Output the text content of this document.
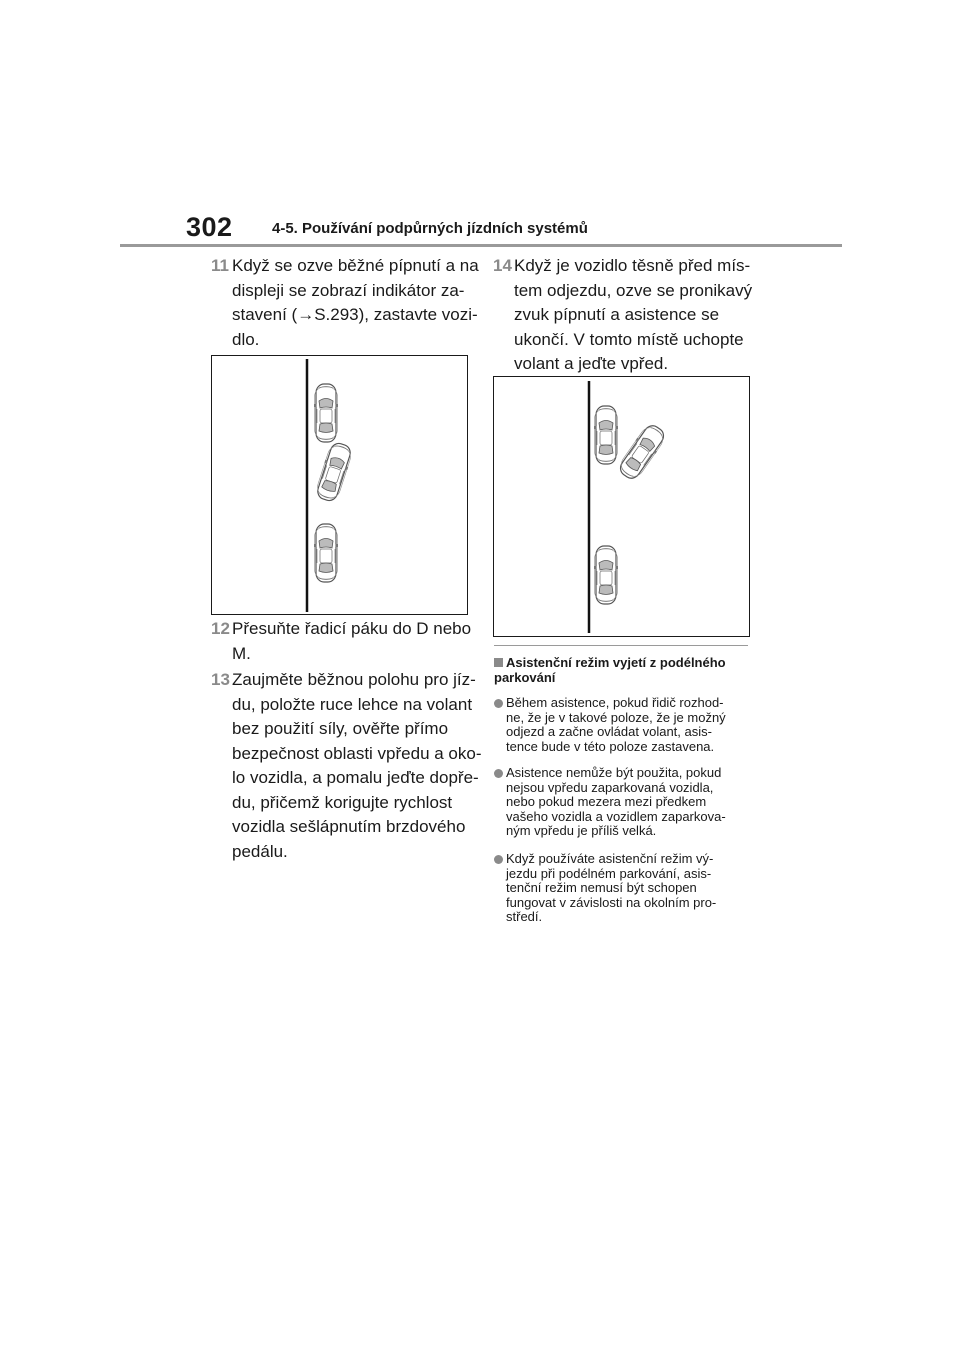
302	4-5. Používání podpůrných jízdních systémů
11 Když se ozve běžné pípnutí a na
displeji se zobrazí indikátor za-
stavení (→S.293), zastavte vozi-
dlo.
12 Přesuňte řadicí páku do D nebo
M.
13 Zaujměte běžnou polohu pro jíz-
du, položte ruce lehce na volant
bez použití síly, ověřte přímo
bezpečnost oblasti vpředu a oko-
lo vozidla, a pomalu jeďte dopře-
du, přičemž korigujte rychlost
vozidla sešlápnutím brzdového
pedálu.
14 Když je vozidlo těsně před mís-
tem odjezdu, ozve se pronikavý
zvuk pípnutí a asistence se
ukončí. V tomto místě uchopte
volant a jeďte vpřed.
Asistenční režim vyjetí z podélného
parkování
Během asistence, pokud řidič rozhod-
ne, že je v takové poloze, že je možný
odjezd a začne ovládat volant, asis-
tence bude v této poloze zastavena.
Asistence nemůže být použita, pokud
nejsou vpředu zaparkovaná vozidla,
nebo pokud mezera mezi předkem
vašeho vozidla a vozidlem zaparkova-
ným vpředu je příliš velká.
Když používáte asistenční režim vý-
jezdu při podélném parkování, asis-
tenční režim nemusí být schopen
fungovat v závislosti na okolním pro-
středí.
